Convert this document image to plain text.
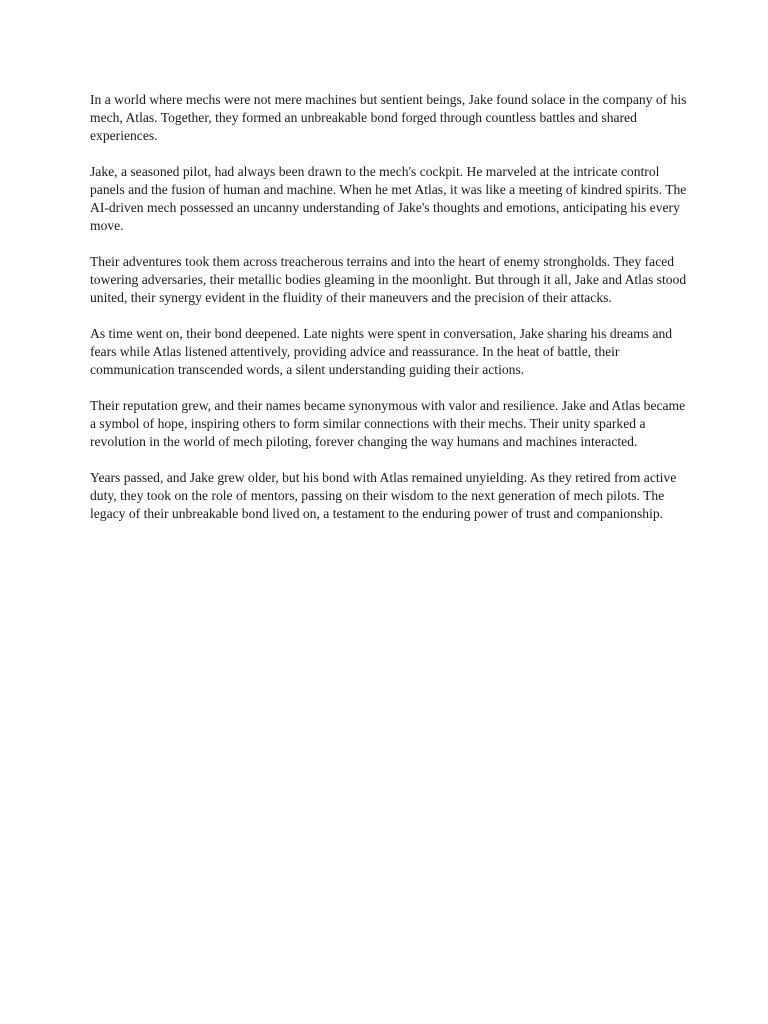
In a world where mechs were not mere machines but sentient beings, Jake found solace in the company of his mech, Atlas. Together, they formed an unbreakable bond forged through countless battles and shared experiences.

Jake, a seasoned pilot, had always been drawn to the mech's cockpit. He marveled at the intricate control panels and the fusion of human and machine. When he met Atlas, it was like a meeting of kindred spirits. The AI-driven mech possessed an uncanny understanding of Jake's thoughts and emotions, anticipating his every move.

Their adventures took them across treacherous terrains and into the heart of enemy strongholds. They faced towering adversaries, their metallic bodies gleaming in the moonlight. But through it all, Jake and Atlas stood united, their synergy evident in the fluidity of their maneuvers and the precision of their attacks.

As time went on, their bond deepened. Late nights were spent in conversation, Jake sharing his dreams and fears while Atlas listened attentively, providing advice and reassurance. In the heat of battle, their communication transcended words, a silent understanding guiding their actions.

Their reputation grew, and their names became synonymous with valor and resilience. Jake and Atlas became a symbol of hope, inspiring others to form similar connections with their mechs. Their unity sparked a revolution in the world of mech piloting, forever changing the way humans and machines interacted.

Years passed, and Jake grew older, but his bond with Atlas remained unyielding. As they retired from active duty, they took on the role of mentors, passing on their wisdom to the next generation of mech pilots. The legacy of their unbreakable bond lived on, a testament to the enduring power of trust and companionship.
